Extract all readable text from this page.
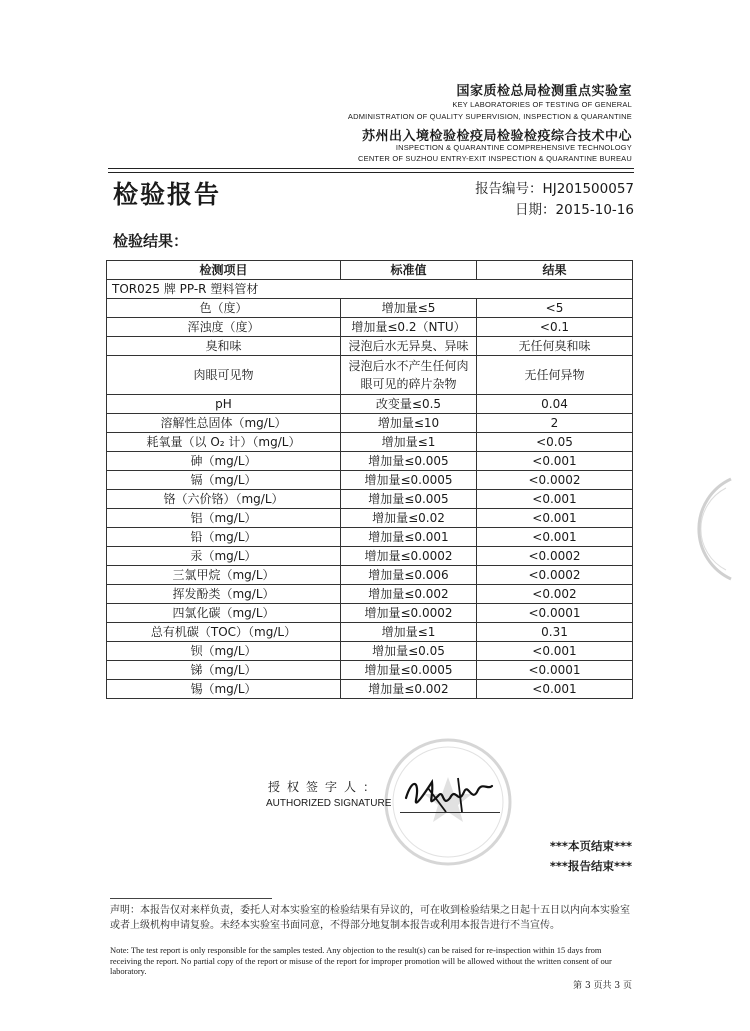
国家质检总局检测重点实验室
KEY LABORATORIES OF TESTING OF GENERAL
ADMINISTRATION OF QUALITY SUPERVISION, INSPECTION & QUARANTINE
苏州出入境检验检疫局检验检疫综合技术中心
INSPECTION & QUARANTINE COMPREHENSIVE TECHNOLOGY
CENTER OF SUZHOU ENTRY-EXIT INSPECTION & QUARANTINE BUREAU
检验报告	报告编号：HJ201500057
日期：2015-10-16
检验结果：
检测项目	标准值	结果
TOR025 牌 PP-R 塑料管材		
色（度）	增加量≤5	<5
浑浊度（度）	增加量≤0.2（NTU）	<0.1
臭和味	浸泡后水无异臭、异味	无任何臭和味
肉眼可见物	浸泡后水不产生任何肉眼可见的碎片杂物	无任何异物
pH	改变量≤0.5	0.04
溶解性总固体（mg/L）	增加量≤10	2
耗氧量（以 O₂ 计）（mg/L）	增加量≤1	<0.05
砷（mg/L）	增加量≤0.005	<0.001
镉（mg/L）	增加量≤0.0005	<0.0002
铬（六价铬）（mg/L）	增加量≤0.005	<0.001
铝（mg/L）	增加量≤0.02	<0.001
铅（mg/L）	增加量≤0.001	<0.001
汞（mg/L）	增加量≤0.0002	<0.0002
三氯甲烷（mg/L）	增加量≤0.006	<0.0002
挥发酚类（mg/L）	增加量≤0.002	<0.002
四氯化碳（mg/L）	增加量≤0.0002	<0.0001
总有机碳（TOC）（mg/L）	增加量≤1	0.31
钡（mg/L）	增加量≤0.05	<0.001
锑（mg/L）	增加量≤0.0005	<0.0001
锡（mg/L）	增加量≤0.002	<0.001
授权签字人：
AUTHORIZED SIGNATURE
***本页结束***
***报告结束***
声明：本报告仅对来样负责，委托人对本实验室的检验结果有异议的，可在收到检验结果之日起十五日以内向本实验室或者上级机构申请复验。未经本实验室书面同意，不得部分地复制本报告或利用本报告进行不当宣传。
Note: The test report is only responsible for the samples tested. Any objection to the result(s) can be raised for re-inspection within 15 days from receiving the report. No partial copy of the report or misuse of the report for improper promotion will be allowed without the written consent of our laboratory.
第 3 页共 3 页
